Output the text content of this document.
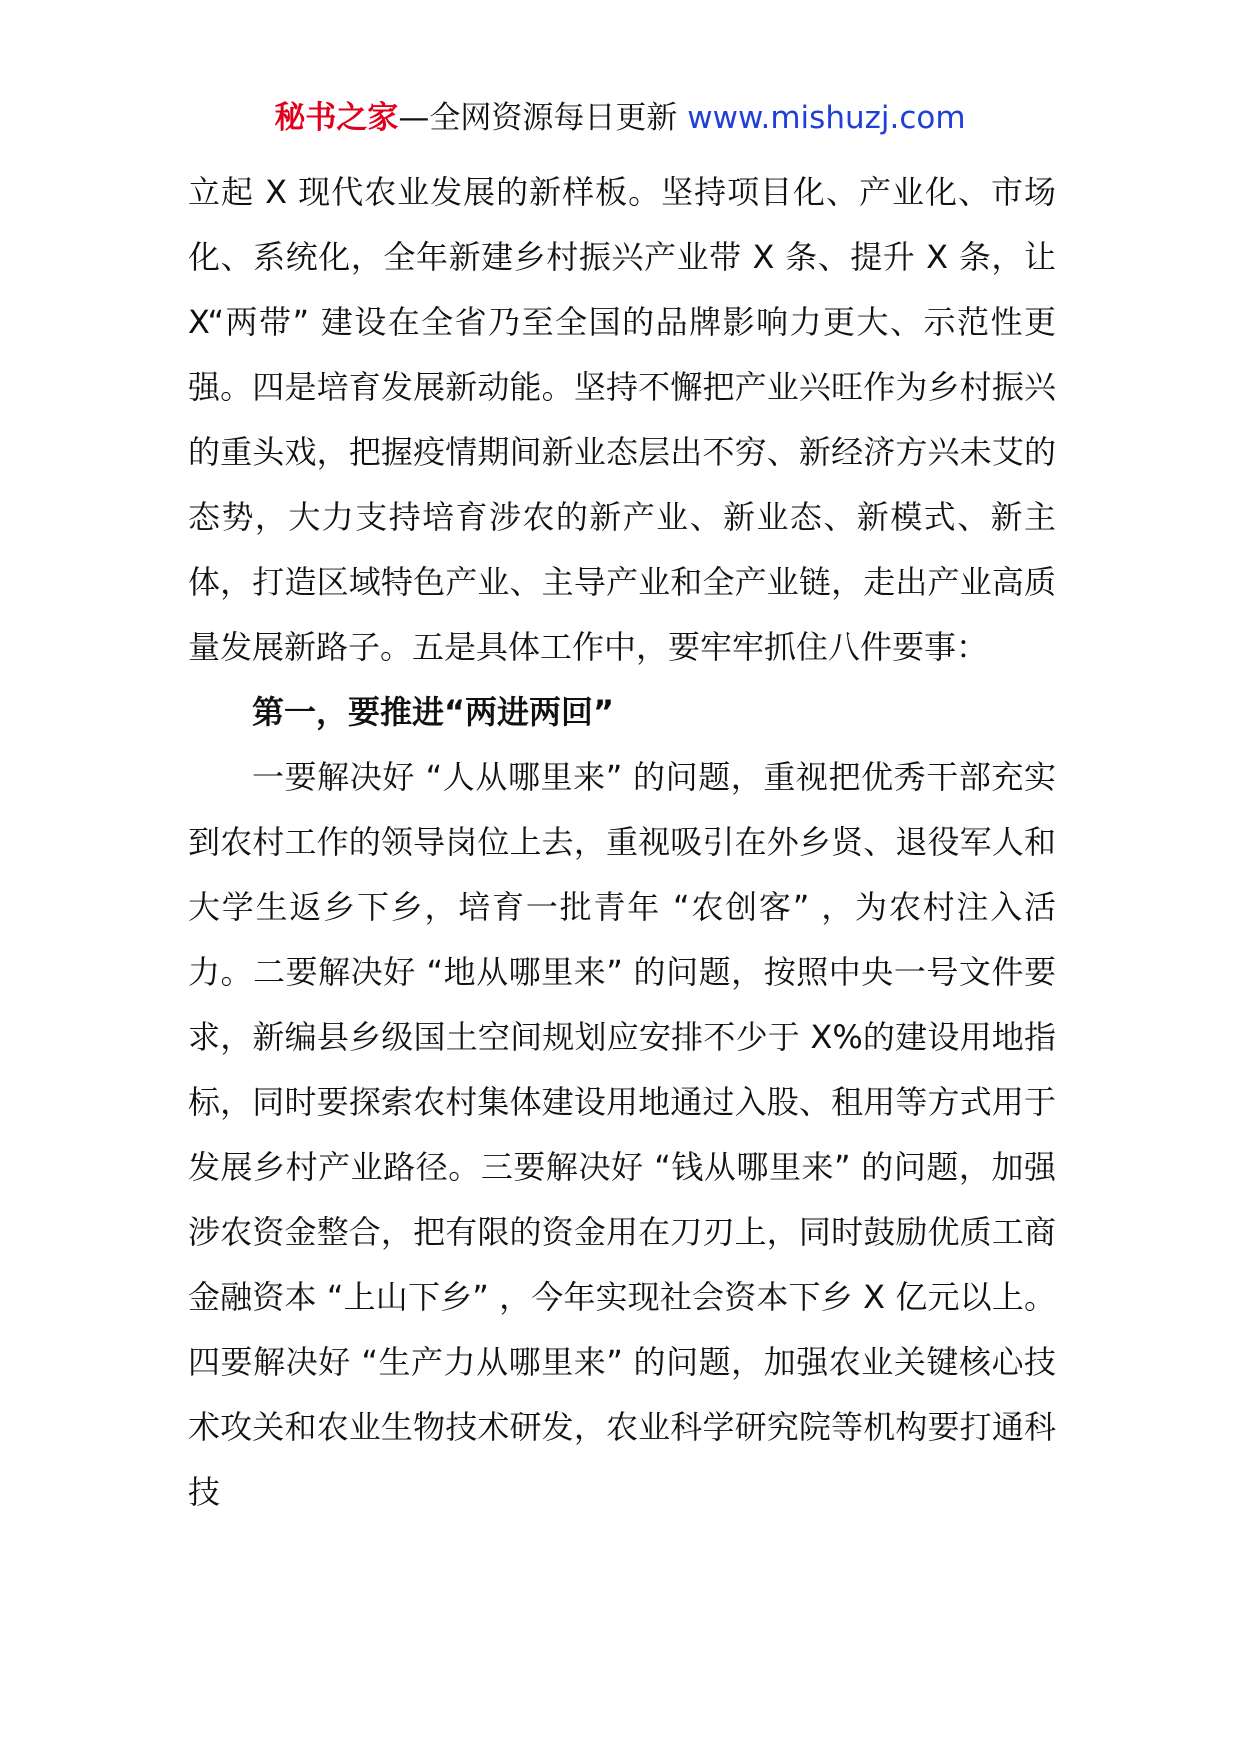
秘书之家—全网资源每日更新 www.mishuzj.com

立起 X 现代农业发展的新样板。坚持项目化、产业化、市场化、系统化，全年新建乡村振兴产业带 X 条、提升 X 条，让 X“两带” 建设在全省乃至全国的品牌影响力更大、示范性更强。四是培育发展新动能。坚持不懈把产业兴旺作为乡村振兴的重头戏，把握疫情期间新业态层出不穷、新经济方兴未艾的态势，大力支持培育涉农的新产业、新业态、新模式、新主体，打造区域特色产业、主导产业和全产业链，走出产业高质量发展新路子。五是具体工作中，要牢牢抓住八件要事：

第一，要推进“两进两回”

一要解决好 “人从哪里来” 的问题，重视把优秀干部充实到农村工作的领导岗位上去，重视吸引在外乡贤、退役军人和大学生返乡下乡，培育一批青年 “农创客” ，为农村注入活力。二要解决好 “地从哪里来” 的问题，按照中央一号文件要求，新编县乡级国土空间规划应安排不少于 X%的建设用地指标，同时要探索农村集体建设用地通过入股、租用等方式用于发展乡村产业路径。三要解决好 “钱从哪里来” 的问题，加强涉农资金整合，把有限的资金用在刀刃上，同时鼓励优质工商金融资本 “上山下乡” ，今年实现社会资本下乡 X 亿元以上。四要解决好 “生产力从哪里来” 的问题，加强农业关键核心技术攻关和农业生物技术研发，农业科学研究院等机构要打通科技
